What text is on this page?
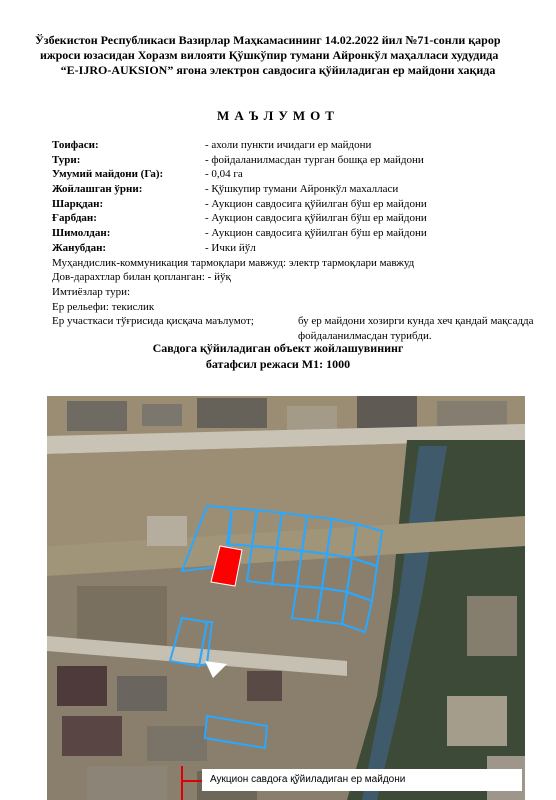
Ўзбекистон Республикаси Вазирлар Маҳкамасининг 14.02.2022 йил №71-сонли қарор
ижроси юзасидан Хоразм вилояти Қўшкўпир тумани Айронкўл маҳалласи худудида
“E-IJRO-AUKSION” ягона электрон савдосига қўйиладиган ер майдони хақида
МАЪЛУМОТ
Тоифаси:	- ахоли пункти ичидаги ер майдони
Тури:	- фойдаланилмасдан турган бошқа ер майдони
Умумий майдони (Га):	- 0,04 га
Жойлашган ўрни:	- Қўшкупир тумани Айронкўл махалласи
Шарқдан:	- Аукцион савдосига қўйилган бўш ер майдони
Ғарбдан:	- Аукцион савдосига қўйилган бўш ер майдони
Шимолдан:	- Аукцион савдосига қўйилган бўш ер майдони
Жанубдан:	- Ички йўл
Муҳандислик-коммуникация тармоқлари мавжуд: электр тармоқлари мавжуд
Дов-дарахтлар билан қопланган: - йўқ
Имтиёзлар тури:
Ер рельефи: текислик
Ер участкаси тўғрисида қисқача маълумот;	бу ер майдони хозирги кунда хеч қандай мақсадда
фойдаланилмасдан турибди.
Савдога қўйиладиган объект жойлашувининг
батафсил режаси М1: 1000
Аукцион савдоға қўйиладиган ер майдони
